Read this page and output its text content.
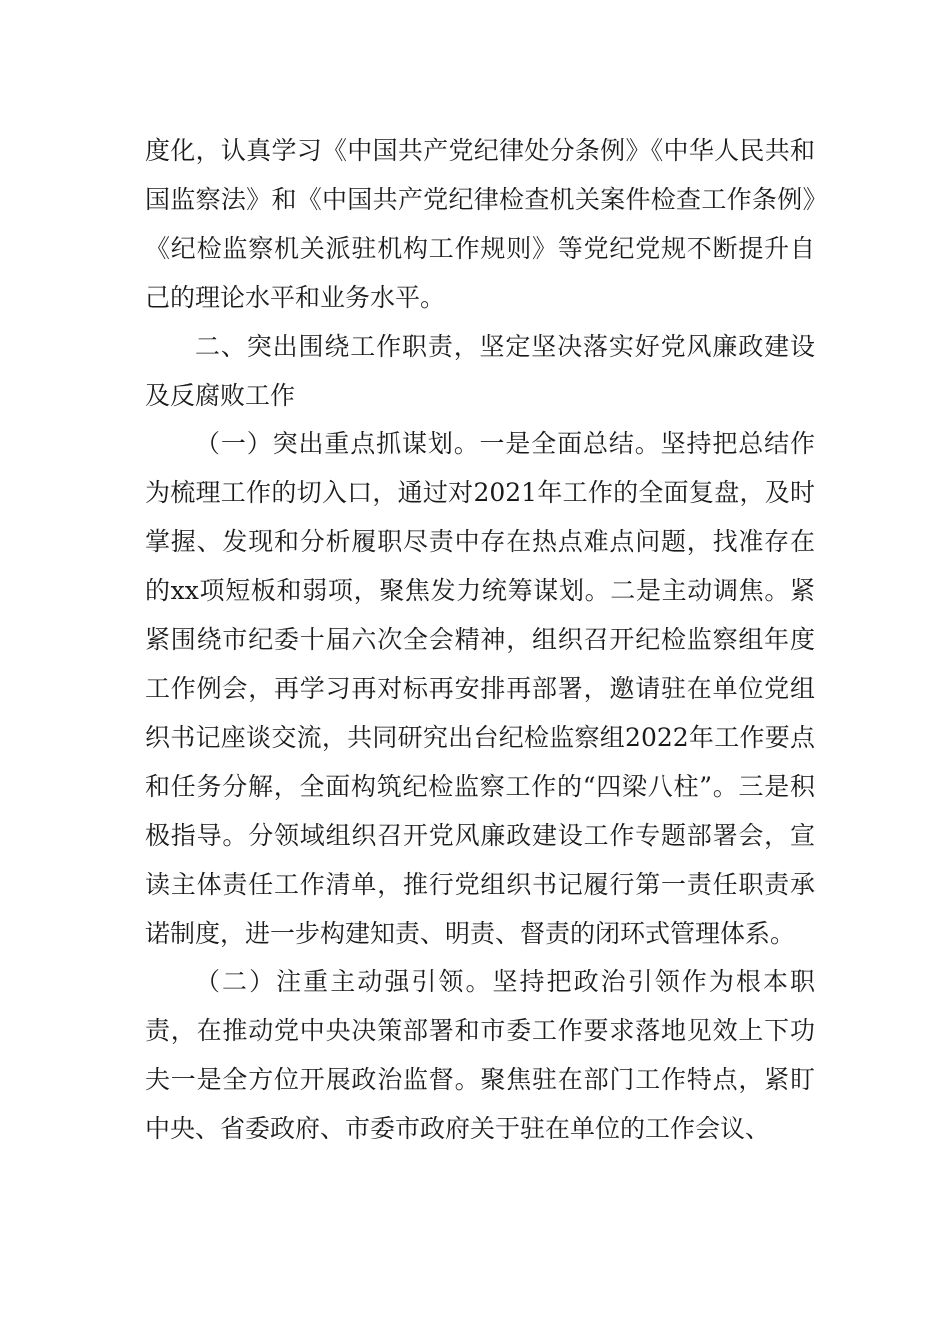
度化，认真学习《中国共产党纪律处分条例》《中华人民共和国监察法》和《中国共产党纪律检查机关案件检查工作条例》《纪检监察机关派驻机构工作规则》等党纪党规不断提升自己的理论水平和业务水平。

二、突出围绕工作职责，坚定坚决落实好党风廉政建设及反腐败工作

（一）突出重点抓谋划。一是全面总结。坚持把总结作为梳理工作的切入口，通过对2021年工作的全面复盘，及时掌握、发现和分析履职尽责中存在热点难点问题，找准存在的xx项短板和弱项，聚焦发力统筹谋划。二是主动调焦。紧紧围绕市纪委十届六次全会精神，组织召开纪检监察组年度工作例会，再学习再对标再安排再部署，邀请驻在单位党组织书记座谈交流，共同研究出台纪检监察组2022年工作要点和任务分解，全面构筑纪检监察工作的“四梁八柱”。三是积极指导。分领域组织召开党风廉政建设工作专题部署会，宣读主体责任工作清单，推行党组织书记履行第一责任职责承诺制度，进一步构建知责、明责、督责的闭环式管理体系。

（二）注重主动强引领。坚持把政治引领作为根本职责，在推动党中央决策部署和市委工作要求落地见效上下功夫一是全方位开展政治监督。聚焦驻在部门工作特点，紧盯中央、省委政府、市委市政府关于驻在单位的工作会议、
